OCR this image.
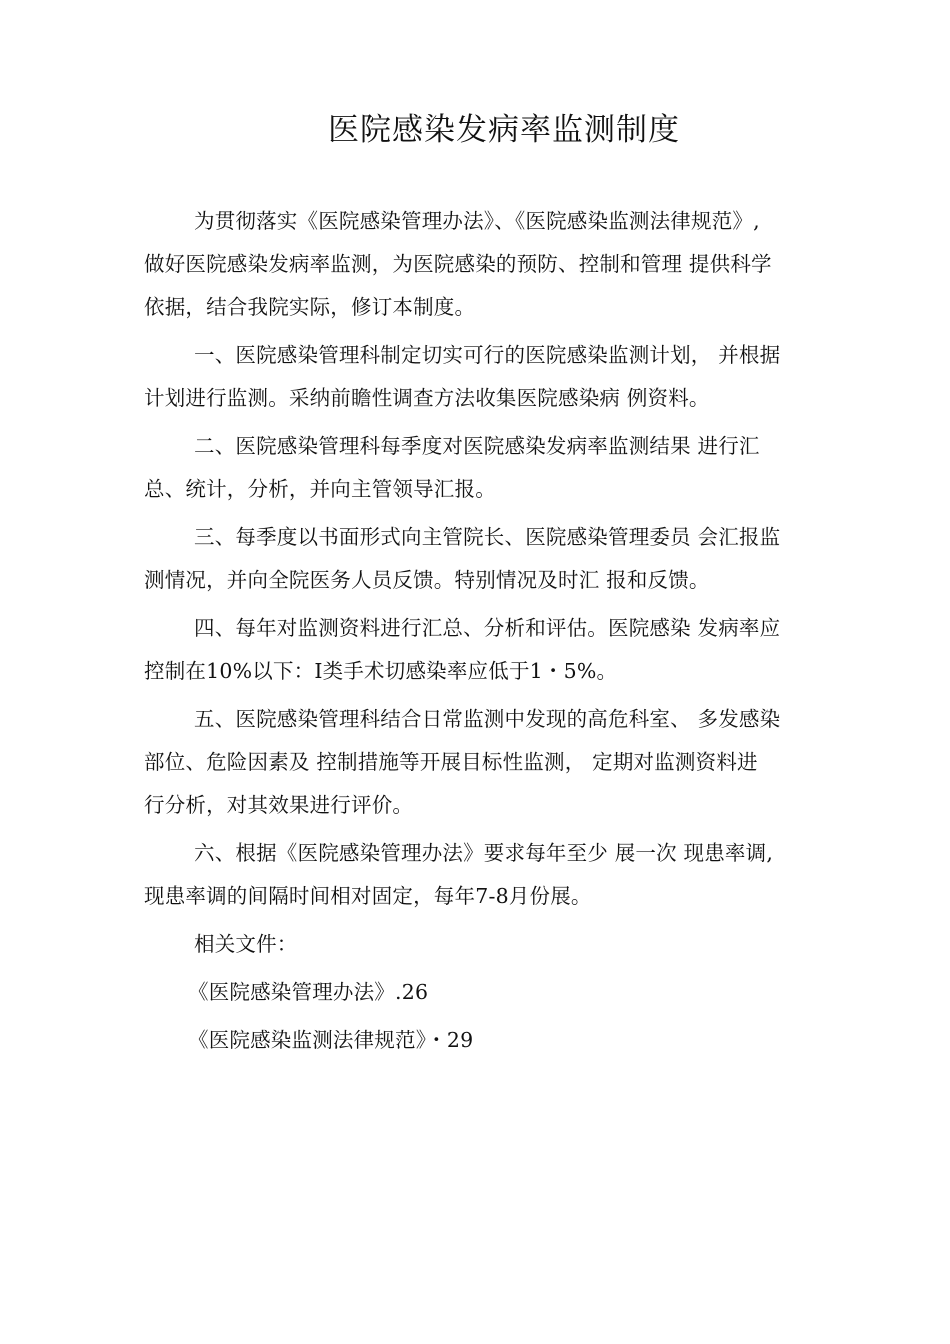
医院感染发病率监测制度
为贯彻落实《医院感染管理办法》、《医院感染监测法律规范》,
做好医院感染发病率监测，为医院感染的预防、控制和管理 提供科学
依据，结合我院实际，修订本制度。
一、医院感染管理科制定切实可行的医院感染监测计划， 并根据
计划进行监测。采纳前瞻性调查方法收集医院感染病 例资料。
二、医院感染管理科每季度对医院感染发病率监测结果 进行汇
总、统计，分析，并向主管领导汇报。
三、每季度以书面形式向主管院长、医院感染管理委员 会汇报监
测情况，并向全院医务人员反馈。特别情况及时汇 报和反馈。
四、每年对监测资料进行汇总、分析和评估。医院感染 发病率应
控制在10%以下：I类手术切感染率应低于1・5%。
五、医院感染管理科结合日常监测中发现的高危科室、 多发感染
部位、危险因素及 控制措施等开展目标性监测， 定期对监测资料进
行分析，对其效果进行评价。
六、根据《医院感染管理办法》要求每年至少 展一次 现患率调,
现患率调的间隔时间相对固定，每年7-8月份展。
相关文件：
《医院感染管理办法》.26
《医院感染监测法律规范》・29
